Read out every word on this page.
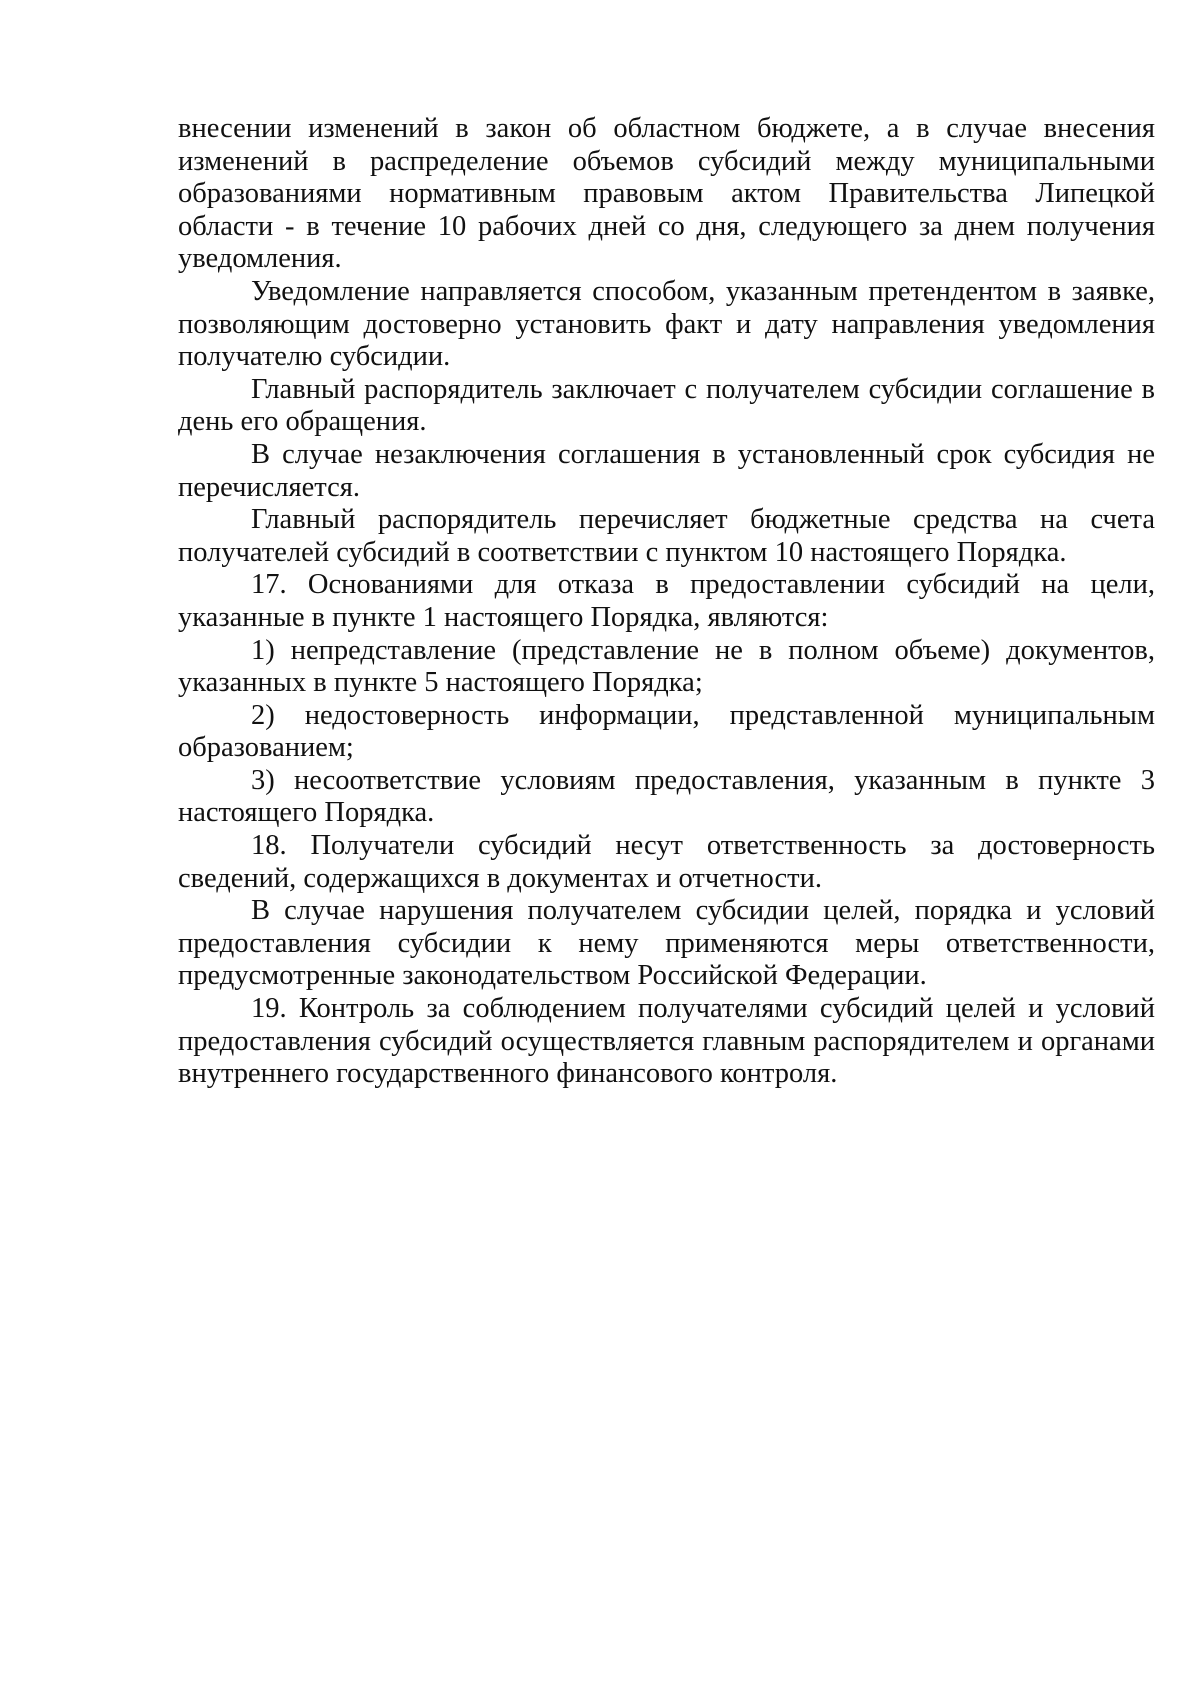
внесении изменений в закон об областном бюджете, а в случае внесения изменений в распределение объемов субсидий между муниципальными образованиями нормативным правовым актом Правительства Липецкой области - в течение 10 рабочих дней со дня, следующего за днем получения уведомления.

Уведомление направляется способом, указанным претендентом в заявке, позволяющим достоверно установить факт и дату направления уведомления получателю субсидии.

Главный распорядитель заключает с получателем субсидии соглашение в день его обращения.

В случае незаключения соглашения в установленный срок субсидия не перечисляется.

Главный распорядитель перечисляет бюджетные средства на счета получателей субсидий в соответствии с пунктом 10 настоящего Порядка.

17. Основаниями для отказа в предоставлении субсидий на цели, указанные в пункте 1 настоящего Порядка, являются:

1) непредставление (представление не в полном объеме) документов, указанных в пункте 5 настоящего Порядка;

2) недостоверность информации, представленной муниципальным образованием;

3) несоответствие условиям предоставления, указанным в пункте 3 настоящего Порядка.

18. Получатели субсидий несут ответственность за достоверность сведений, содержащихся в документах и отчетности.

В случае нарушения получателем субсидии целей, порядка и условий предоставления субсидии к нему применяются меры ответственности, предусмотренные законодательством Российской Федерации.

19. Контроль за соблюдением получателями субсидий целей и условий предоставления субсидий осуществляется главным распорядителем и органами внутреннего государственного финансового контроля.
